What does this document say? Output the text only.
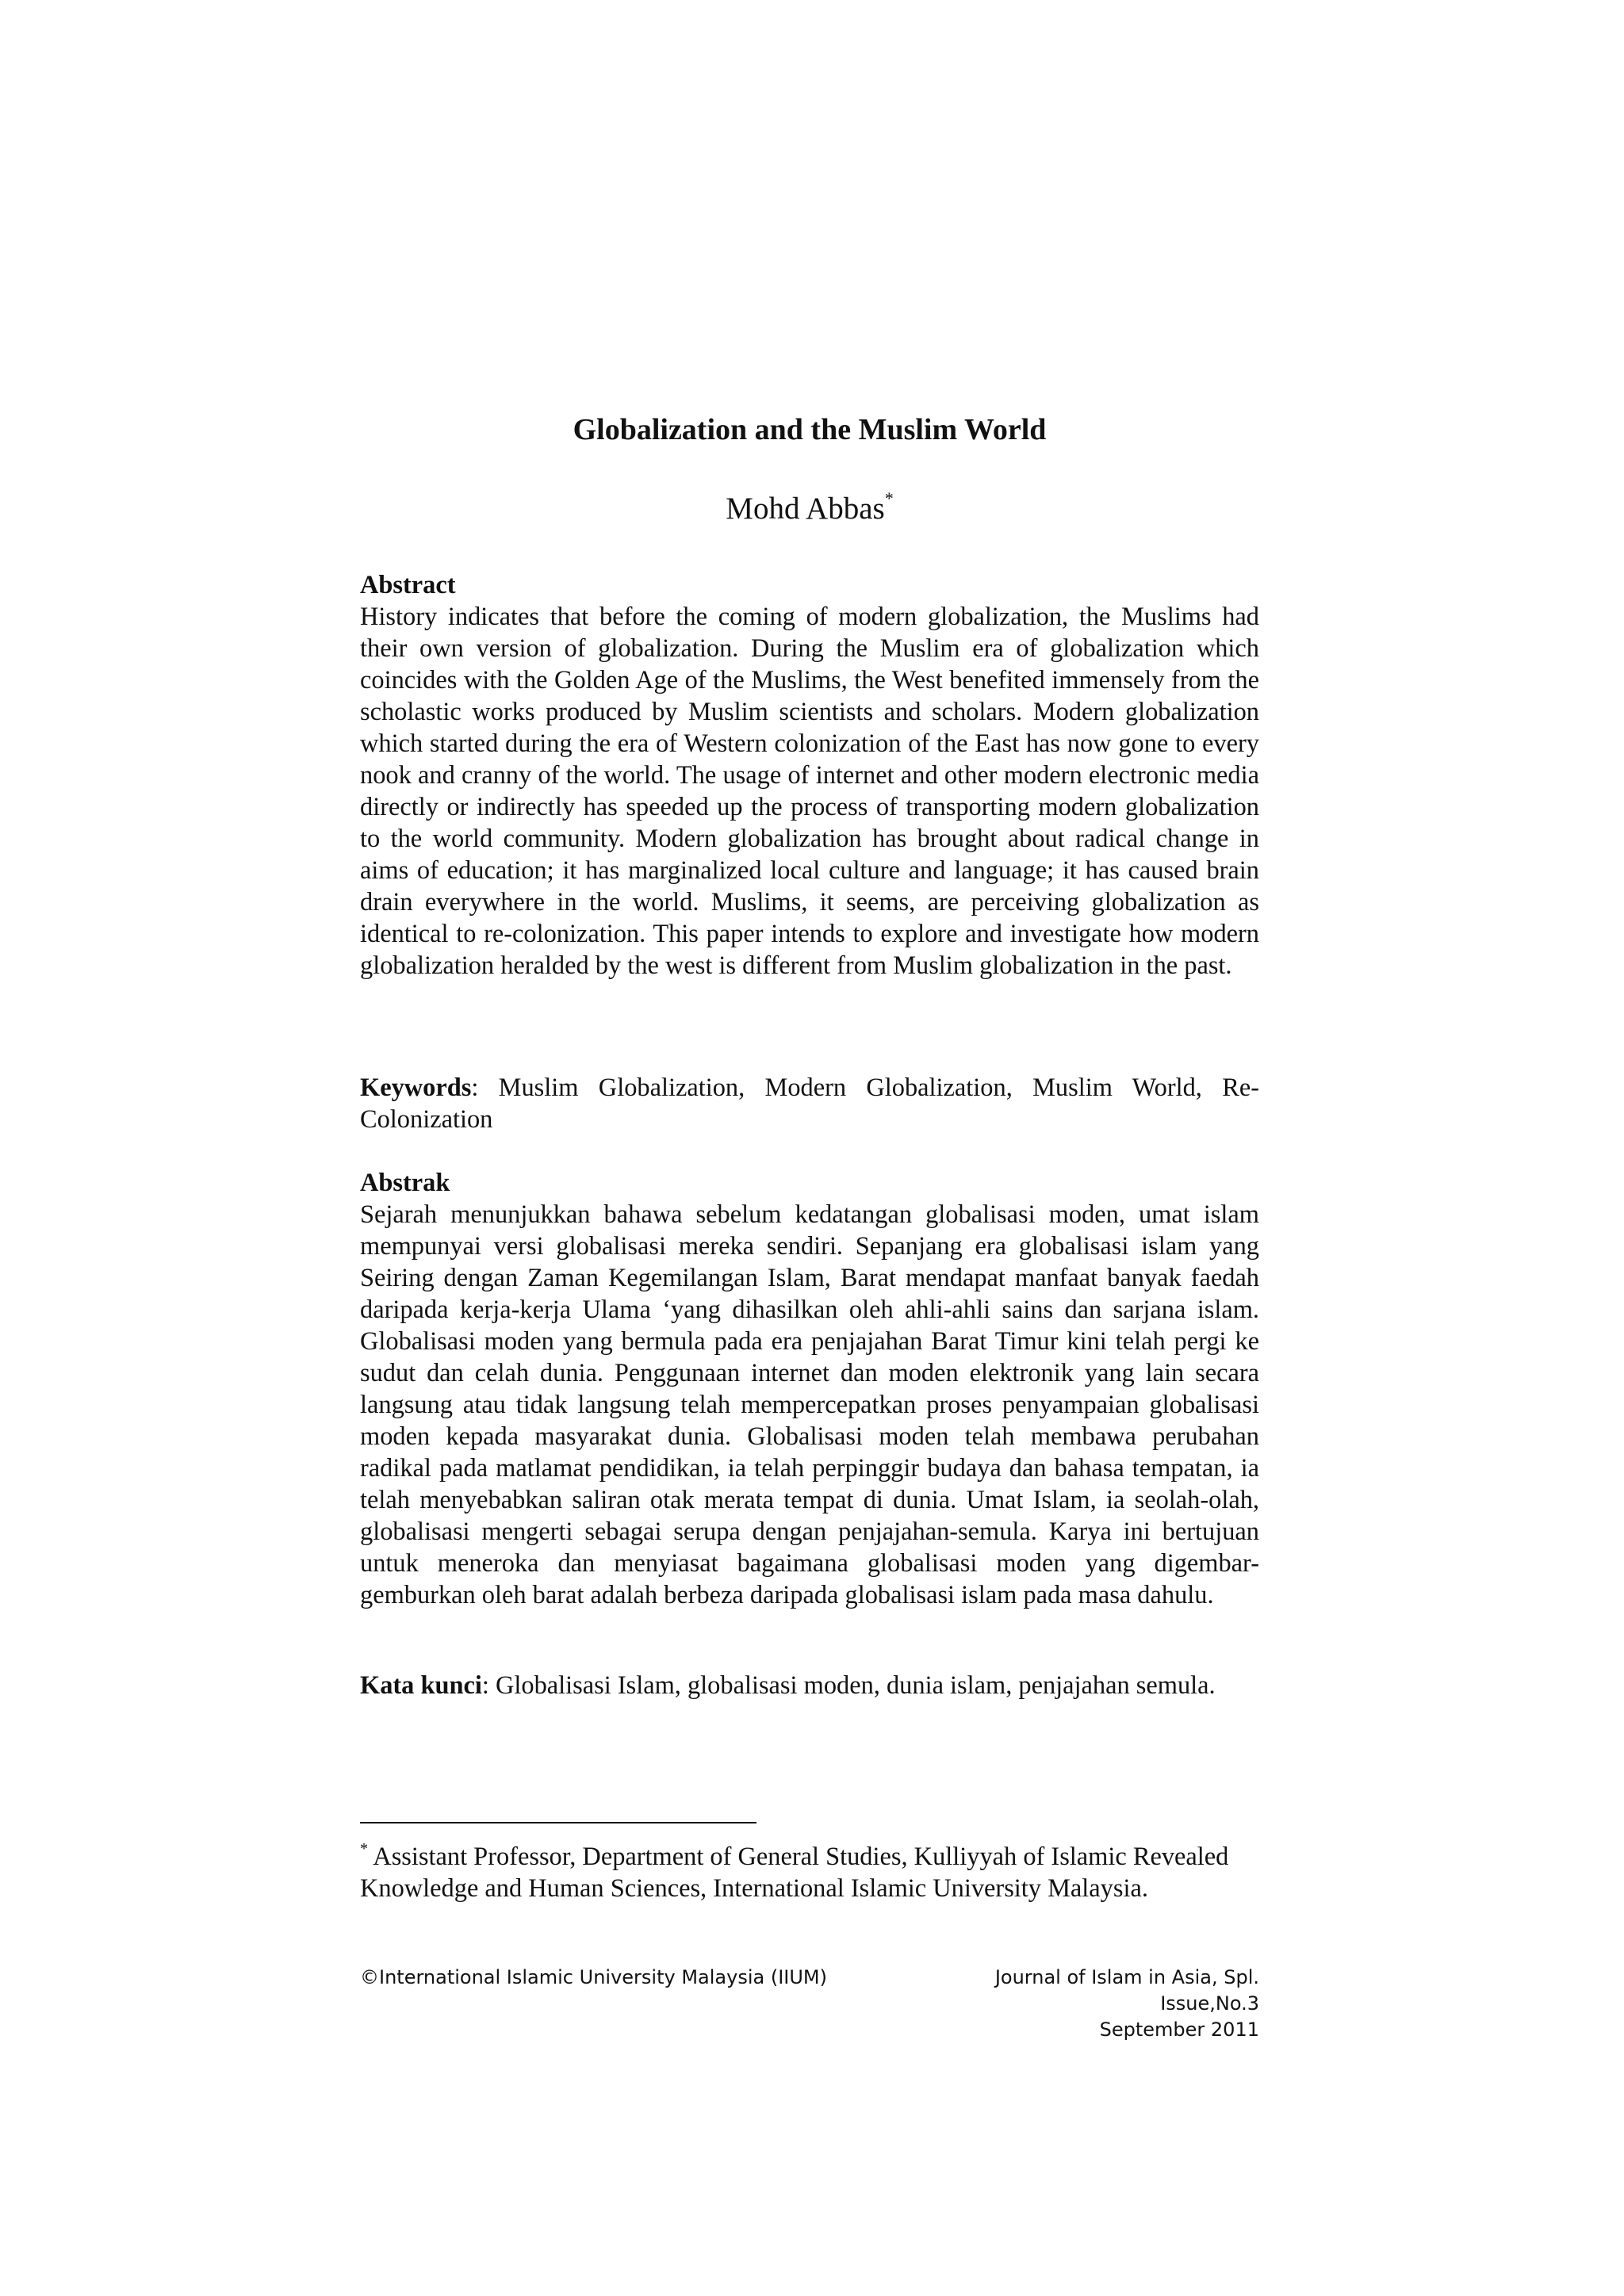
Globalization and the Muslim World
Mohd Abbas*
Abstract
History indicates that before the coming of modern globalization, the Muslims had their own version of globalization. During the Muslim era of globalization which coincides with the Golden Age of the Muslims, the West benefited immensely from the scholastic works produced by Muslim scientists and scholars. Modern globalization which started during the era of Western colonization of the East has now gone to every nook and cranny of the world. The usage of internet and other modern electronic media directly or indirectly has speeded up the process of transporting modern globalization to the world community. Modern globalization has brought about radical change in aims of education; it has marginalized local culture and language; it has caused brain drain everywhere in the world. Muslims, it seems, are perceiving globalization as identical to re-colonization. This paper intends to explore and investigate how modern globalization heralded by the west is different from Muslim globalization in the past.
Keywords: Muslim Globalization, Modern Globalization, Muslim World, Re-Colonization
Abstrak
Sejarah menunjukkan bahawa sebelum kedatangan globalisasi moden, umat islam mempunyai versi globalisasi mereka sendiri. Sepanjang era globalisasi islam yang Seiring dengan Zaman Kegemilangan Islam, Barat mendapat manfaat banyak faedah daripada kerja-kerja Ulama ‘yang dihasilkan oleh ahli-ahli sains dan sarjana islam. Globalisasi moden yang bermula pada era penjajahan Barat Timur kini telah pergi ke sudut dan celah dunia. Penggunaan internet dan moden elektronik yang lain secara langsung atau tidak langsung telah mempercepatkan proses penyampaian globalisasi moden kepada masyarakat dunia. Globalisasi moden telah membawa perubahan radikal pada matlamat pendidikan, ia telah perpinggir budaya dan bahasa tempatan, ia telah menyebabkan saliran otak merata tempat di dunia. Umat Islam, ia seolah-olah, globalisasi mengerti sebagai serupa dengan penjajahan-semula. Karya ini bertujuan untuk meneroka dan menyiasat bagaimana globalisasi moden yang digembar-gemburkan oleh barat adalah berbeza daripada globalisasi islam pada masa dahulu.
Kata kunci: Globalisasi Islam, globalisasi moden, dunia islam, penjajahan semula.
* Assistant Professor, Department of General Studies, Kulliyyah of Islamic Revealed Knowledge and Human Sciences, International Islamic University Malaysia.
©International Islamic University Malaysia (IIUM)	Journal of Islam in Asia, Spl. Issue,No.3
September 2011
